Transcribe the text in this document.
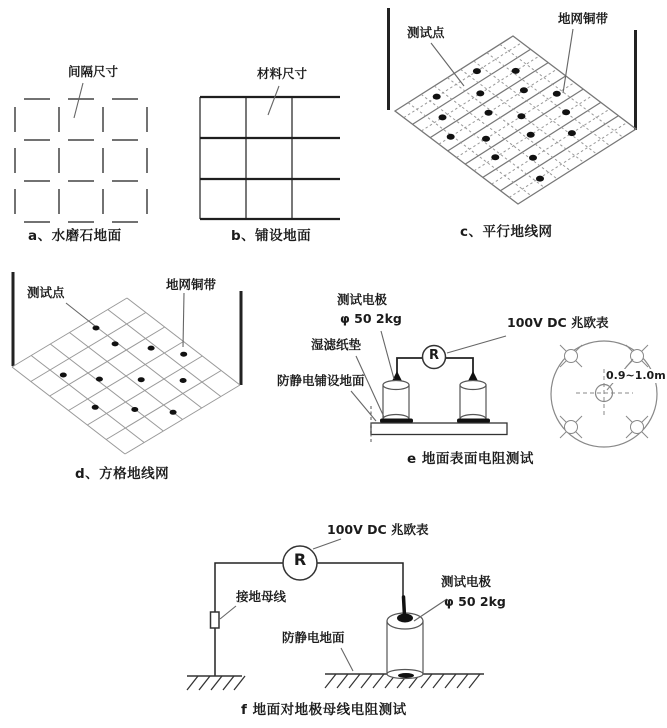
间隔尺寸
a、水磨石地面
材料尺寸
b、铺设地面
测试点
地网铜带
c、平行地线网
测试点
地网铜带
d、方格地线网
测试电极
φ 50 2kg
湿滤纸垫
防静电铺设地面
100V DC 兆欧表
0.9~1.0m
R
e 地面表面电阻测试
100V DC 兆欧表
接地母线
测试电极
φ 50 2kg
防静电地面
R
f 地面对地极母线电阻测试
